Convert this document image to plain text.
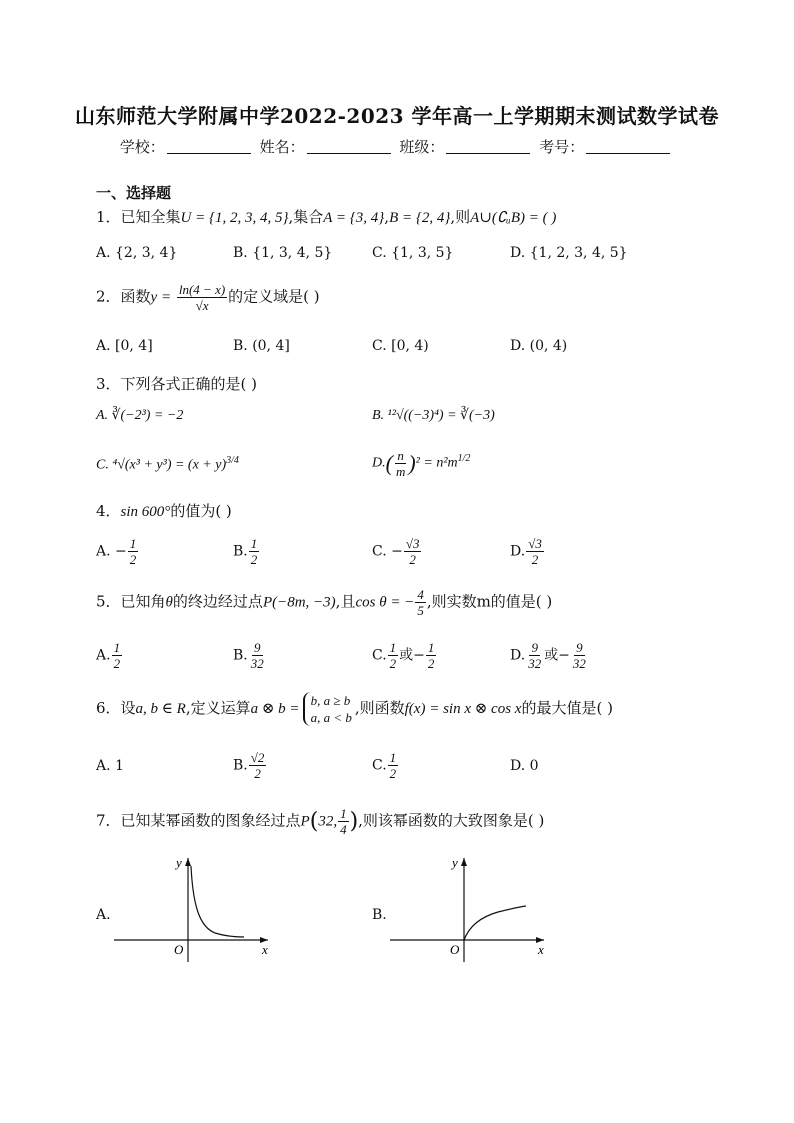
山东师范大学附属中学2022-2023 学年高一上学期期末测试数学试卷
学校：	姓名：	班级：	考号：
一、选择题
1．已知全集U = {1, 2, 3, 4, 5},集合A = {3, 4},B = {2, 4},则A∪(∁ᵤB) = ( )
A. {2, 3, 4}	B. {1, 3, 4, 5}	C. {1, 3, 5}	D. {1, 2, 3, 4, 5}
2．函数$y = \frac{\ln(4 - x)}{√x}$ 的定义域是( )
A. [0, 4]	B. (0, 4]	C. [0, 4)	D. (0, 4)
3．下列各式正确的是( )
A. ∛(−2³) = −2	B. ¹²√((−3)⁴) = ∛(−3)
C. $^4√(x^3 + y^3) = (x + y)^{3/4}$	$D.( \frac{n}{m} )^2 = n^2m^{1/2}$
4．sin 600°的值为( )
A. − $\frac{1}{2}$	B. $\frac{1}{2}$	C. − $\frac{√3}{2}$	D. $\frac{√3}{2}$
5．已知角θ的终边经过点P(−8m, −3),且cos θ = − $\frac{4}{5}$ ,则实数m的值是( )
A. $\frac{1}{2}$	B. $\frac{9}{32}$	C. $\frac{1}{2}$ 或− $\frac{1}{2}$	D. $\frac{9}{32}$ 或− $\frac{9}{32}$
6．设a, b ∈ R,定义运算a ⊗ b =
b, a ≥ b
a, a < b
,则函数f(x) = sin x ⊗ cos x的最大值是( )
A. 1	B. $\frac{√2}{2}$	C. $\frac{1}{2}$	D. 0
7．已知某幂函数的图象经过点P(32, $\frac{1}{4}$ ),则该幂函数的大致图象是( )
A.
y
x
O
B.
y
x
O
